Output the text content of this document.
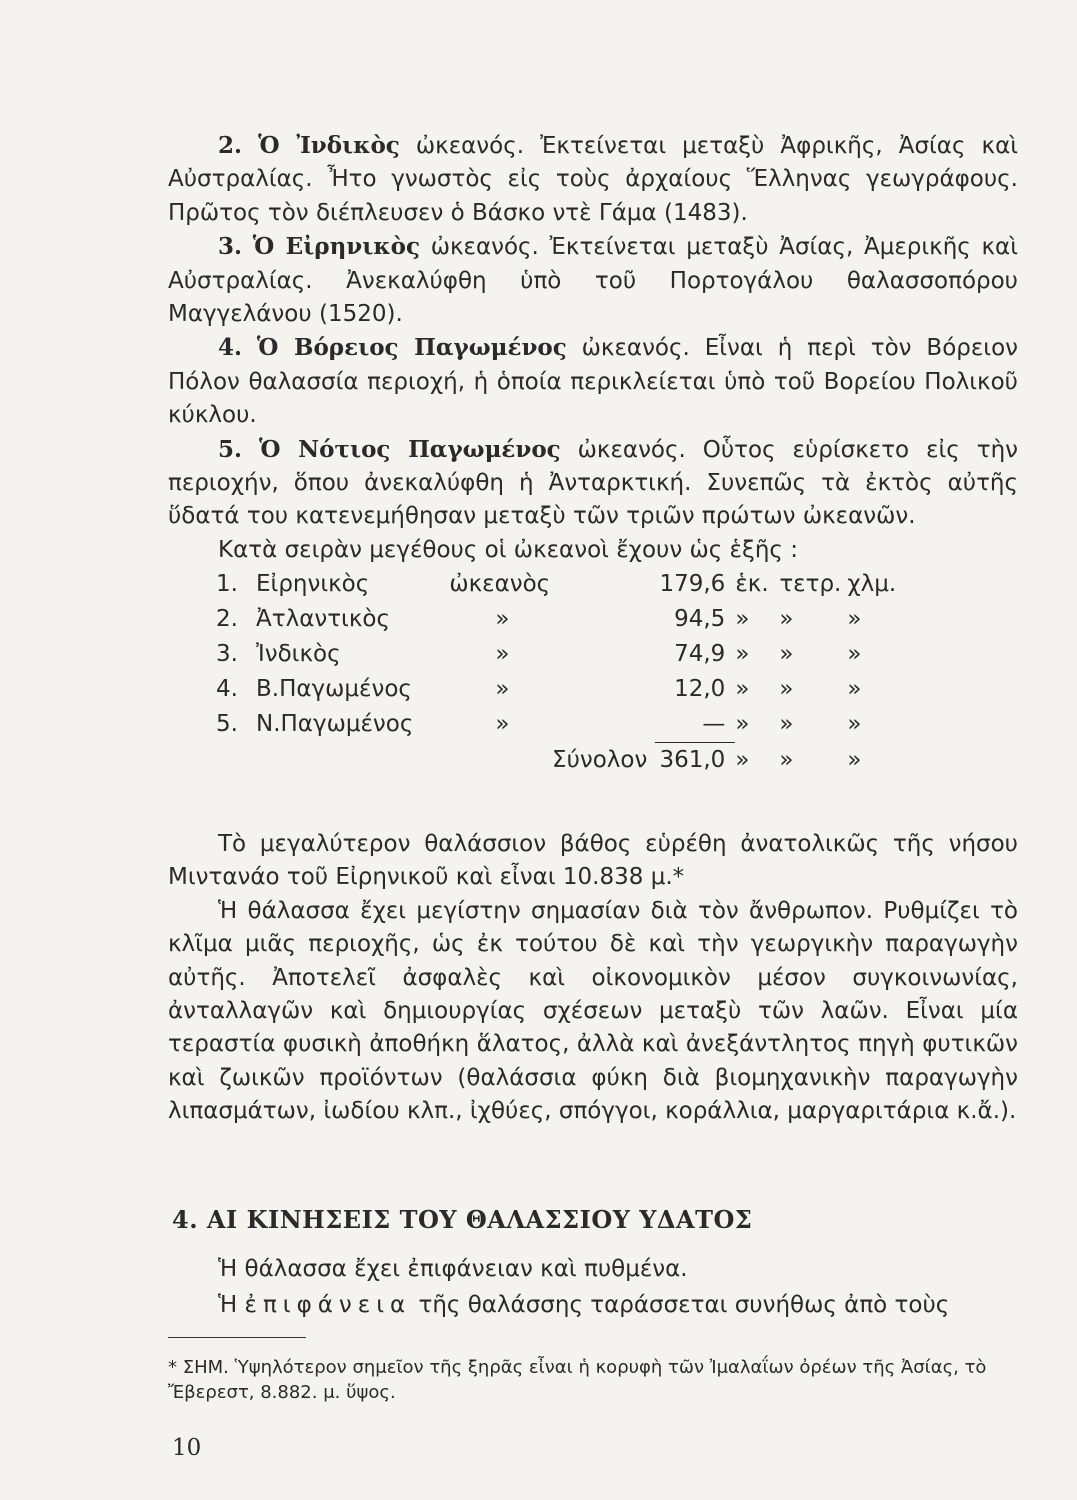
2. Ὁ Ἰνδικὸς ὠκεανός. Ἐκτείνεται μεταξὺ Ἀφρικῆς, Ἀσίας καὶ Αὐστραλίας. Ἦτο γνωστὸς εἰς τοὺς ἀρχαίους Ἕλληνας γεωγράφους. Πρῶτος τὸν διέπλευσεν ὁ Βάσκο ντὲ Γάμα (1483).

3. Ὁ Εἰρηνικὸς ὠκεανός. Ἐκτείνεται μεταξὺ Ἀσίας, Ἀμερικῆς καὶ Αὐστραλίας. Ἀνεκαλύφθη ὑπὸ τοῦ Πορτογάλου θαλασσοπόρου Μαγγελάνου (1520).

4. Ὁ Βόρειος Παγωμένος ὠκεανός. Εἶναι ἡ περὶ τὸν Βόρειον Πόλον θαλασσία περιοχή, ἡ ὁποία περικλείεται ὑπὸ τοῦ Βορείου Πολικοῦ κύκλου.

5. Ὁ Νότιος Παγωμένος ὠκεανός. Οὗτος εὑρίσκετο εἰς τὴν περιοχήν, ὅπου ἀνεκαλύφθη ἡ Ἀνταρκτική. Συνεπῶς τὰ ἐκτὸς αὐτῆς ὕδατά του κατενεμήθησαν μεταξὺ τῶν τριῶν πρώτων ὠκεανῶν.

Κατὰ σειρὰν μεγέθους οἱ ὠκεανοὶ ἔχουν ὡς ἑξῆς :

1.	Εἰρηνικὸς	ὠκεανὸς	179,6	ἑκ.	τετρ.	χλμ.
2.	Ἀτλαντικὸς	»	94,5	»	»	»
3.	Ἰνδικὸς	»	74,9	»	»	»
4.	Β.Παγωμένος	»	12,0	»	»	»
5.	Ν.Παγωμένος	»	—	»	»	»
Σύνολον			361,0	»	»	»

Τὸ μεγαλύτερον θαλάσσιον βάθος εὑρέθη ἀνατολικῶς τῆς νήσου Μιντανάο τοῦ Εἰρηνικοῦ καὶ εἶναι 10.838 μ.*

Ἡ θάλασσα ἔχει μεγίστην σημασίαν διὰ τὸν ἄνθρωπον. Ρυθμίζει τὸ κλῖμα μιᾶς περιοχῆς, ὡς ἐκ τούτου δὲ καὶ τὴν γεωργικὴν παραγωγὴν αὐτῆς. Ἀποτελεῖ ἀσφαλὲς καὶ οἰκονομικὸν μέσον συγκοινωνίας, ἀνταλλαγῶν καὶ δημιουργίας σχέσεων μεταξὺ τῶν λαῶν. Εἶναι μία τεραστία φυσικὴ ἀποθήκη ἅλατος, ἀλλὰ καὶ ἀνεξάντλητος πηγὴ φυτικῶν καὶ ζωικῶν προϊόντων (θαλάσσια φύκη διὰ βιομηχανικὴν παραγωγὴν λιπασμάτων, ἰωδίου κλπ., ἰχθύες, σπόγγοι, κοράλλια, μαργαριτάρια κ.ἄ.).

4. ΑΙ ΚΙΝΗΣΕΙΣ ΤΟΥ ΘΑΛΑΣΣΙΟΥ ΥΔΑΤΟΣ

Ἡ θάλασσα ἔχει ἐπιφάνειαν καὶ πυθμένα.

Ἡ ἐπιφάνεια τῆς θαλάσσης ταράσσεται συνήθως ἀπὸ τοὺς

* ΣΗΜ. Ὑψηλότερον σημεῖον τῆς ξηρᾶς εἶναι ἡ κορυφὴ τῶν Ἰμαλαΐων ὀρέων τῆς Ἀσίας, τὸ Ἔβερεστ, 8.882. μ. ὕψος.
10
